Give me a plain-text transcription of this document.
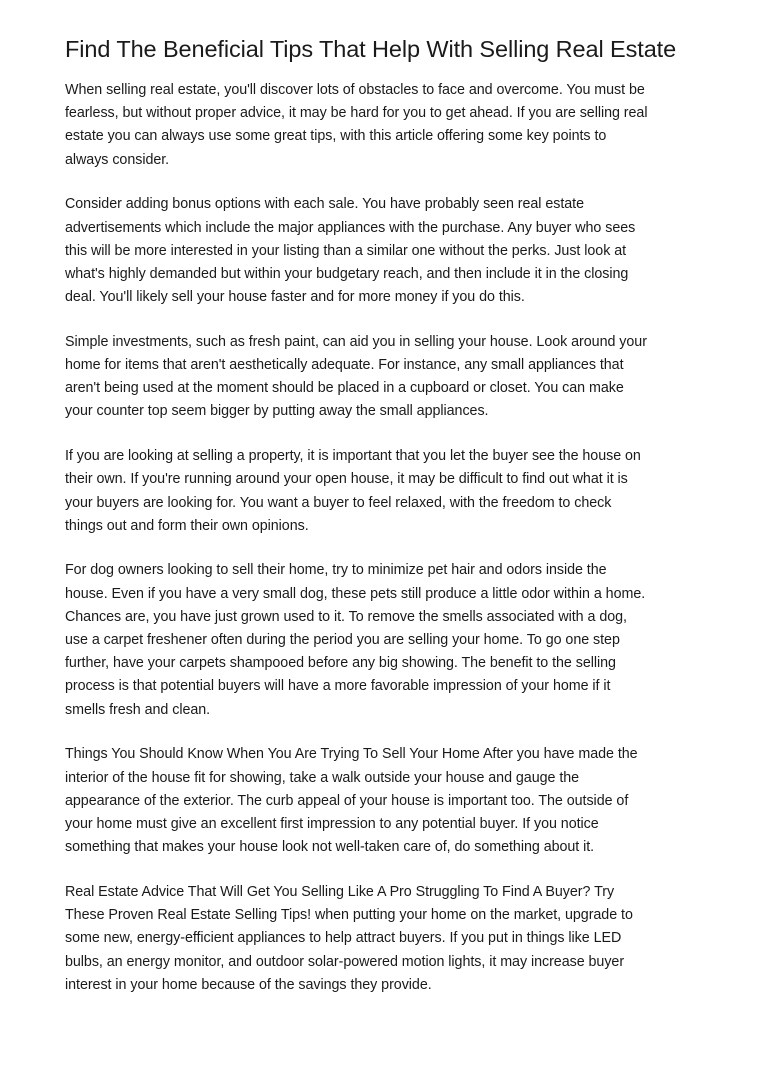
Find The Beneficial Tips That Help With Selling Real Estate

When selling real estate, you'll discover lots of obstacles to face and overcome. You must be
fearless, but without proper advice, it may be hard for you to get ahead. If you are selling real
estate you can always use some great tips, with this article offering some key points to
always consider.

Consider adding bonus options with each sale. You have probably seen real estate
advertisements which include the major appliances with the purchase. Any buyer who sees
this will be more interested in your listing than a similar one without the perks. Just look at
what's highly demanded but within your budgetary reach, and then include it in the closing
deal. You'll likely sell your house faster and for more money if you do this.

Simple investments, such as fresh paint, can aid you in selling your house. Look around your
home for items that aren't aesthetically adequate. For instance, any small appliances that
aren't being used at the moment should be placed in a cupboard or closet. You can make
your counter top seem bigger by putting away the small appliances.

If you are looking at selling a property, it is important that you let the buyer see the house on
their own. If you're running around your open house, it may be difficult to find out what it is
your buyers are looking for. You want a buyer to feel relaxed, with the freedom to check
things out and form their own opinions.

For dog owners looking to sell their home, try to minimize pet hair and odors inside the
house. Even if you have a very small dog, these pets still produce a little odor within a home.
Chances are, you have just grown used to it. To remove the smells associated with a dog,
use a carpet freshener often during the period you are selling your home. To go one step
further, have your carpets shampooed before any big showing. The benefit to the selling
process is that potential buyers will have a more favorable impression of your home if it
smells fresh and clean.

Things You Should Know When You Are Trying To Sell Your Home After you have made the
interior of the house fit for showing, take a walk outside your house and gauge the
appearance of the exterior. The curb appeal of your house is important too. The outside of
your home must give an excellent first impression to any potential buyer. If you notice
something that makes your house look not well-taken care of, do something about it.

Real Estate Advice That Will Get You Selling Like A Pro Struggling To Find A Buyer? Try
These Proven Real Estate Selling Tips! when putting your home on the market, upgrade to
some new, energy-efficient appliances to help attract buyers. If you put in things like LED
bulbs, an energy monitor, and outdoor solar-powered motion lights, it may increase buyer
interest in your home because of the savings they provide.
